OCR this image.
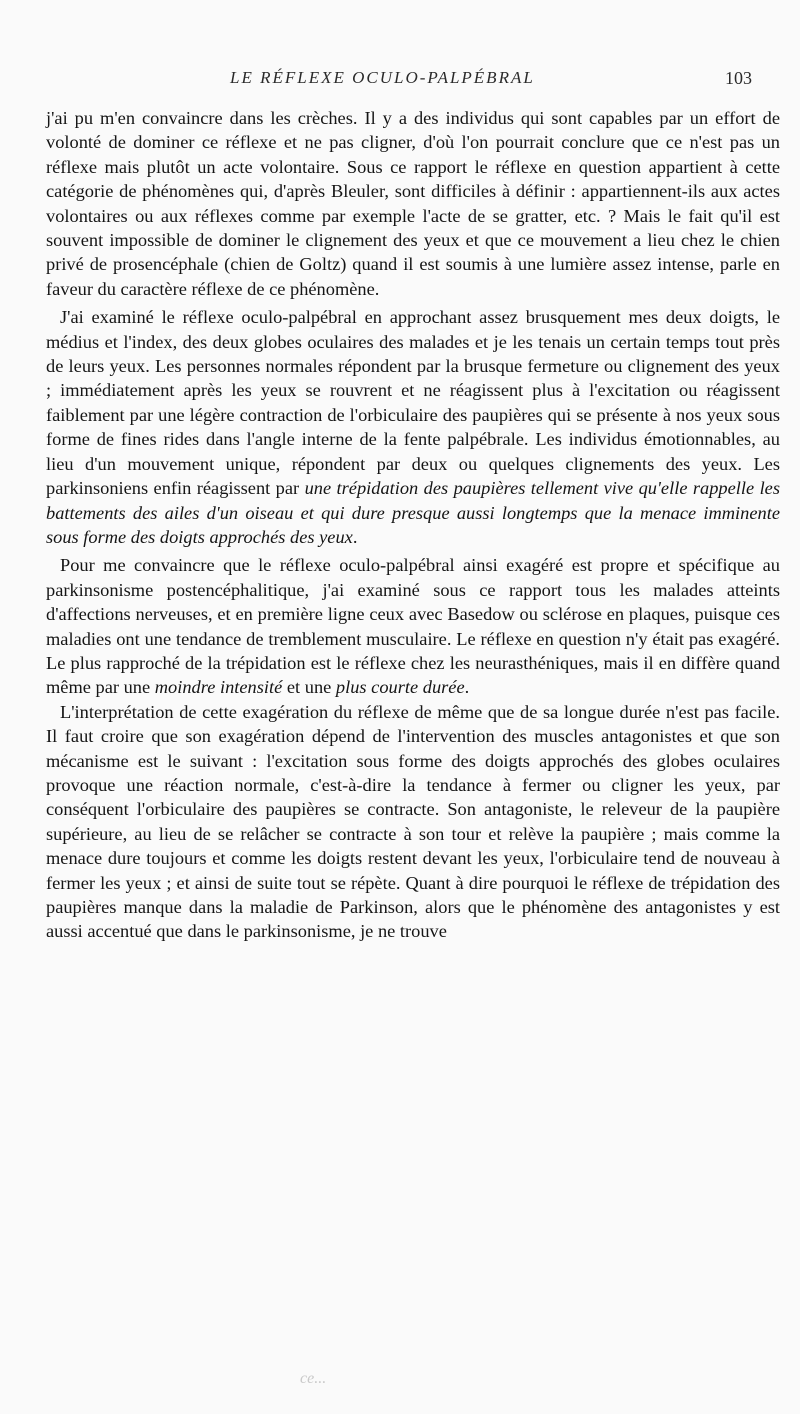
LE RÉFLEXE OCULO-PALPÉBRAL	103

j'ai pu m'en convaincre dans les crèches. Il y a des individus qui sont capables par un effort de volonté de dominer ce réflexe et ne pas cligner, d'où l'on pourrait conclure que ce n'est pas un réflexe mais plutôt un acte volontaire. Sous ce rapport le réflexe en question appartient à cette catégorie de phénomènes qui, d'après Bleuler, sont difficiles à définir : appartiennent-ils aux actes volontaires ou aux réflexes comme par exemple l'acte de se gratter, etc. ? Mais le fait qu'il est souvent impossible de dominer le clignement des yeux et que ce mouvement a lieu chez le chien privé de prosencéphale (chien de Goltz) quand il est soumis à une lumière assez intense, parle en faveur du caractère réflexe de ce phénomène.

J'ai examiné le réflexe oculo-palpébral en approchant assez brusquement mes deux doigts, le médius et l'index, des deux globes oculaires des malades et je les tenais un certain temps tout près de leurs yeux. Les personnes normales répondent par la brusque fermeture ou clignement des yeux ; immédiatement après les yeux se rouvrent et ne réagissent plus à l'excitation ou réagissent faiblement par une légère contraction de l'orbiculaire des paupières qui se présente à nos yeux sous forme de fines rides dans l'angle interne de la fente palpébrale. Les individus émotionnables, au lieu d'un mouvement unique, répondent par deux ou quelques clignements des yeux. Les parkinsoniens enfin réagissent par une trépidation des paupières tellement vive qu'elle rappelle les battements des ailes d'un oiseau et qui dure presque aussi longtemps que la menace imminente sous forme des doigts approchés des yeux.

Pour me convaincre que le réflexe oculo-palpébral ainsi exagéré est propre et spécifique au parkinsonisme postencéphalitique, j'ai examiné sous ce rapport tous les malades atteints d'affections nerveuses, et en première ligne ceux avec Basedow ou sclérose en plaques, puisque ces maladies ont une tendance de tremblement musculaire. Le réflexe en question n'y était pas exagéré. Le plus rapproché de la trépidation est le réflexe chez les neurasthéniques, mais il en diffère quand même par une moindre intensité et une plus courte durée.

L'interprétation de cette exagération du réflexe de même que de sa longue durée n'est pas facile. Il faut croire que son exagération dépend de l'intervention des muscles antagonistes et que son mécanisme est le suivant : l'excitation sous forme des doigts approchés des globes oculaires provoque une réaction normale, c'est-à-dire la tendance à fermer ou cligner les yeux, par conséquent l'orbiculaire des paupières se contracte. Son antagoniste, le releveur de la paupière supérieure, au lieu de se relâcher se contracte à son tour et relève la paupière ; mais comme la menace dure toujours et comme les doigts restent devant les yeux, l'orbiculaire tend de nouveau à fermer les yeux ; et ainsi de suite tout se répète. Quant à dire pourquoi le réflexe de trépidation des paupières manque dans la maladie de Parkinson, alors que le phénomène des antagonistes y est aussi accentué que dans le parkinsonisme, je ne trouve

ce...
